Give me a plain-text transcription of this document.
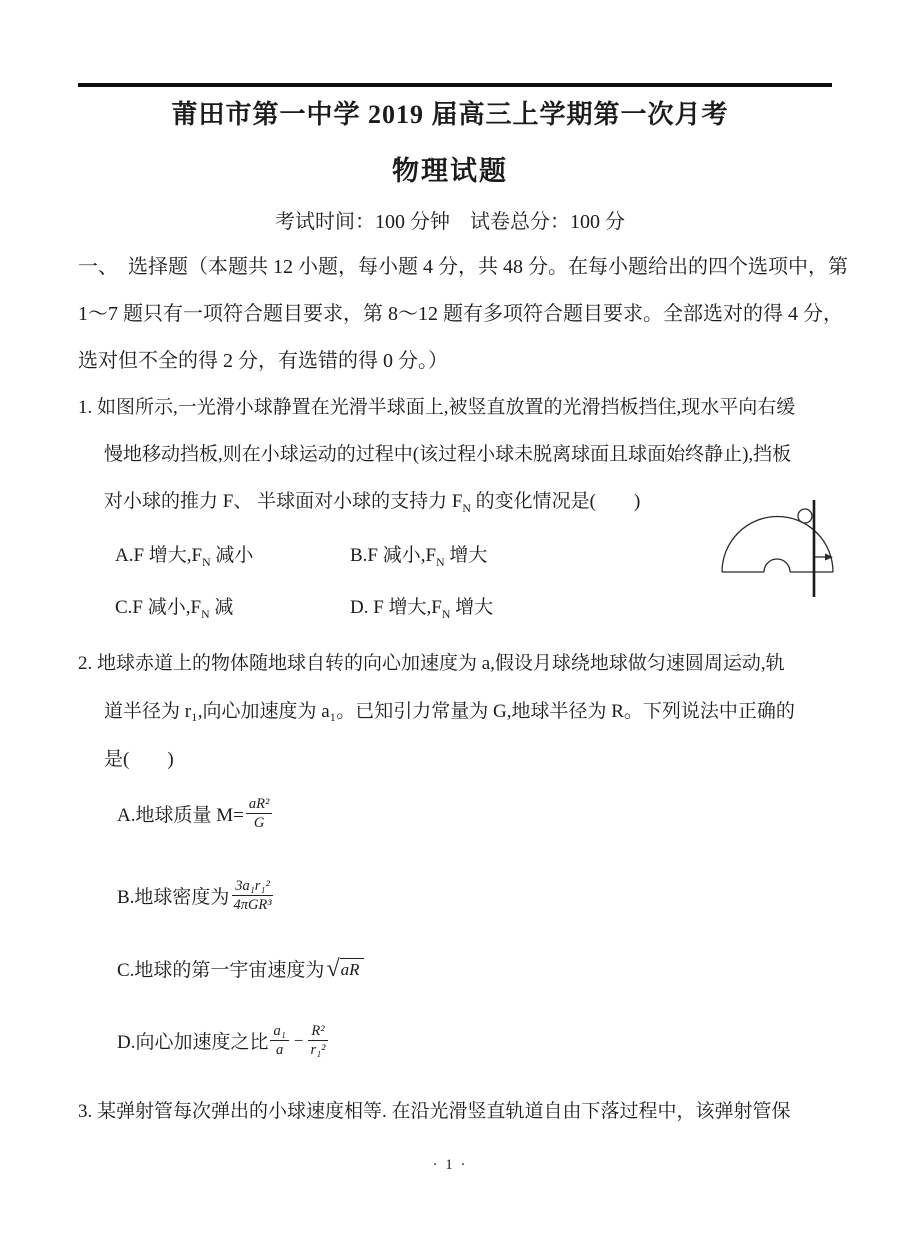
莆田市第一中学 2019 届高三上学期第一次月考
物理试题
考试时间：100 分钟　试卷总分：100 分
一、　选择题（本题共 12 小题，每小题 4 分，共 48 分。在每小题给出的四个选项中，第
1～7 题只有一项符合题目要求，第 8～12 题有多项符合题目要求。全部选对的得 4 分，
选对但不全的得 2 分，有选错的得 0 分。）
1. 如图所示,一光滑小球静置在光滑半球面上,被竖直放置的光滑挡板挡住,现水平向右缓
慢地移动挡板,则在小球运动的过程中(该过程小球未脱离球面且球面始终静止),挡板
对小球的推力 F、 半球面对小球的支持力 $F_N$ 的变化情况是(　　)
A.F 增大$,F_N$ 减小	B.F 减小$,F_N$ 增大
C.F 减小$,F_N$ 减	D. F 增大$,F_N$ 增大
2. 地球赤道上的物体随地球自转的向心加速度为 a,假设月球绕地球做匀速圆周运动,轨
道半径为 r₁,向心加速度为 a₁。已知引力常量为 G,地球半径为 R。下列说法中正确的
是(　　)
A.地球质量 $M= \frac{\text{aR²}}{G}$
B.地球密度为 $\frac{\text{3a₁r₁²}}{\text{4πGR³}}$
C.地球的第一宇宙速度为 √ aR
D.向心加速度之比 $\frac{\text{a₁}}{a} - \frac{\text{R²}}{\text{r₁²}}$
3. 某弹射管每次弹出的小球速度相等. 在沿光滑竖直轨道自由下落过程中，该弹射管保
· 1 ·
